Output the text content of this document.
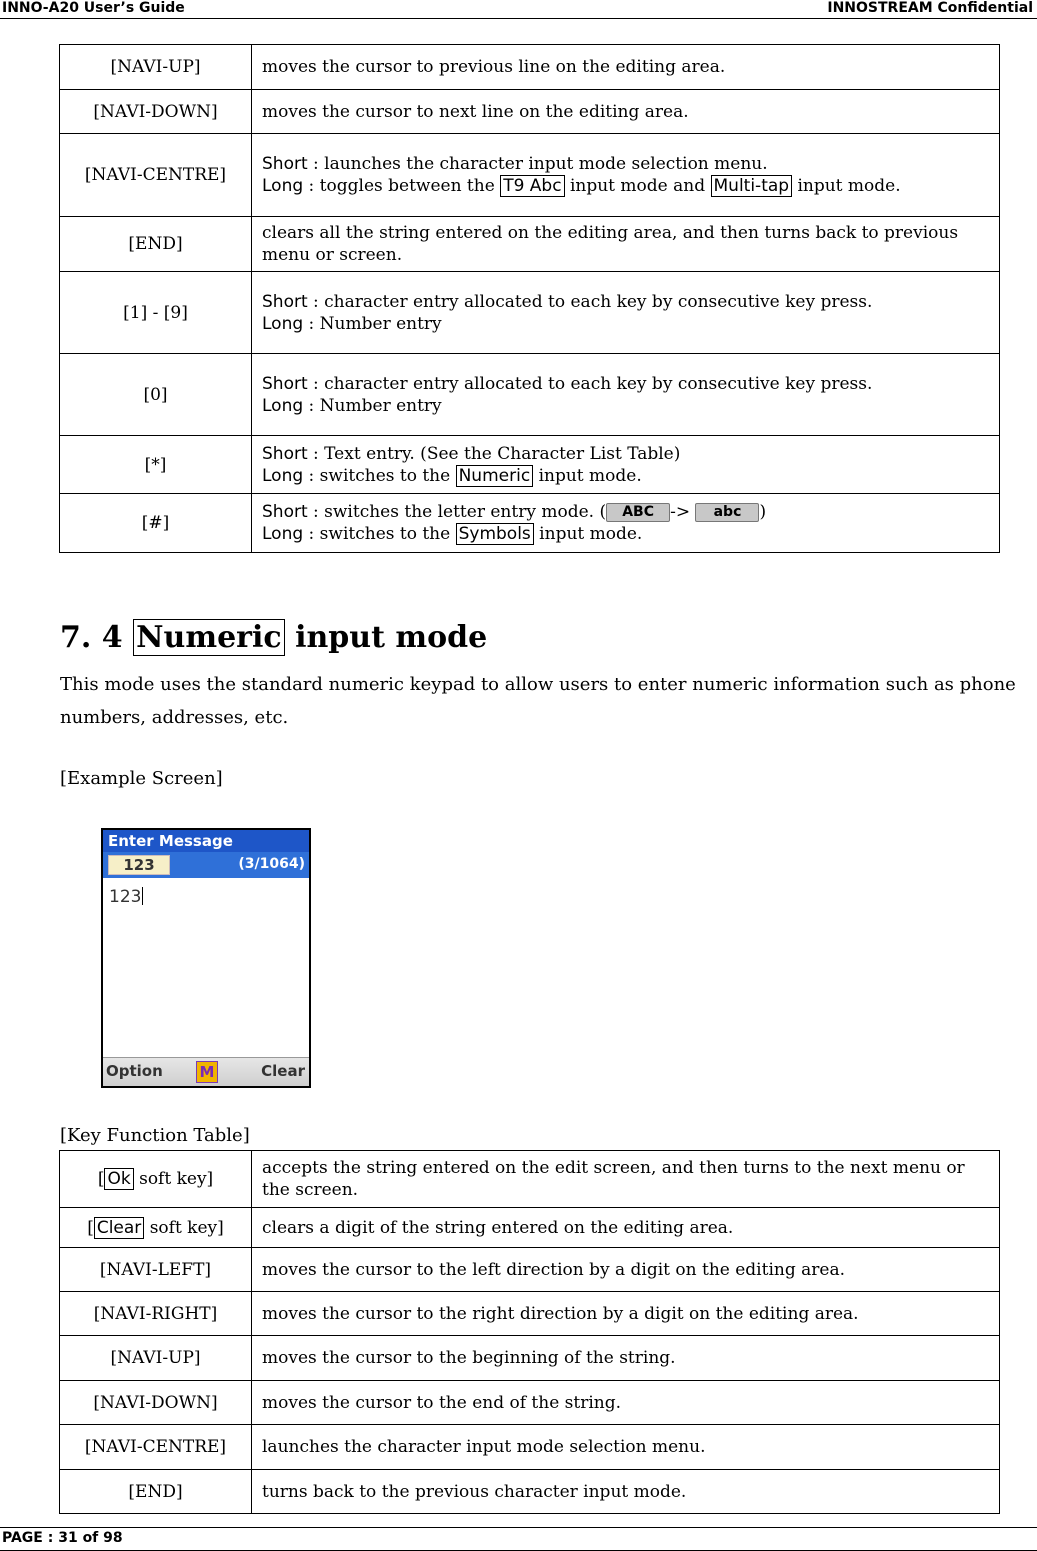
INNO-A20 User’s Guide	INNOSTREAM Confidential
[NAVI-UP]	moves the cursor to previous line on the editing area.
[NAVI-DOWN]	moves the cursor to next line on the editing area.
[NAVI-CENTRE]	Short : launches the character input mode selection menu.
Long : toggles between the T9 Abc input mode and Multi-tap input mode.
[END]	clears all the string entered on the editing area, and then turns back to previous menu or screen.
[1] - [9]	Short : character entry allocated to each key by consecutive key press.
Long : Number entry
[0]	Short : character entry allocated to each key by consecutive key press.
Long : Number entry
[*]	Short : Text entry. (See the Character List Table)
Long : switches to the Numeric input mode.
[#]	Short : switches the letter entry mode. ( ABC -> abc )
Long : switches to the Symbols input mode.
7. 4 Numeric input mode
This mode uses the standard numeric keypad to allow users to enter numeric information such as phone numbers, addresses, etc.
[Example Screen]
Enter Message
123	(3/1064)
123
Option M	Clear
[Key Function Table]
[ Ok soft key]	accepts the string entered on the edit screen, and then turns to the next menu or the screen.
[ Clear soft key]	clears a digit of the string entered on the editing area.
[NAVI-LEFT]	moves the cursor to the left direction by a digit on the editing area.
[NAVI-RIGHT]	moves the cursor to the right direction by a digit on the editing area.
[NAVI-UP]	moves the cursor to the beginning of the string.
[NAVI-DOWN]	moves the cursor to the end of the string.
[NAVI-CENTRE]	launches the character input mode selection menu.
[END]	turns back to the previous character input mode.
PAGE : 31 of 98
